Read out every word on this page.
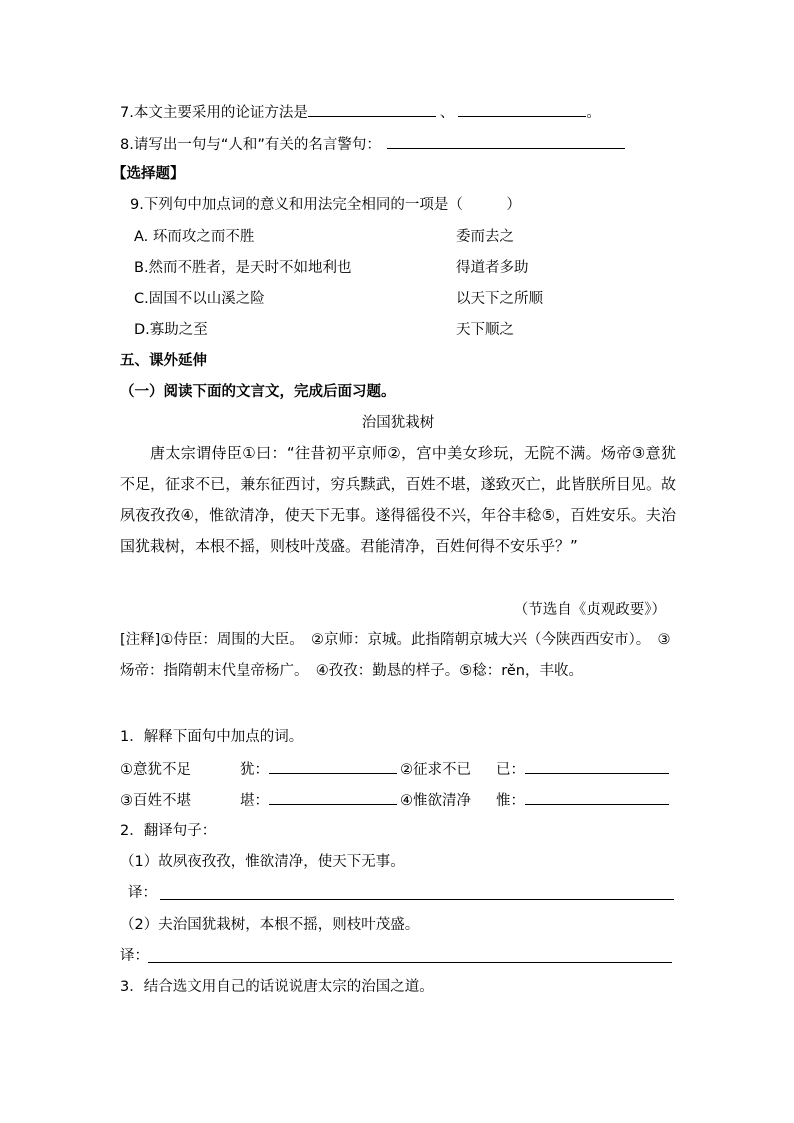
7.本文主要采用的论证方法是	、	。
8.请写出一句与“人和”有关的名言警句：
【选择题】
9.下列句中加点词的意义和用法完全相同的一项是（　　　）
A. 环而攻之而不胜	委而去之
B.然而不胜者，是天时不如地利也	得道者多助
C.固国不以山溪之险	以天下之所顺
D.寡助之至	天下顺之
五、课外延伸
（一）阅读下面的文言文，完成后面习题。
治国犹栽树
唐太宗谓侍臣①曰：“往昔初平京师②，宫中美女珍玩，无院不满。炀帝③意犹不足，征求不已，兼东征西讨，穷兵黩武，百姓不堪，遂致灭亡，此皆朕所目见。故夙夜孜孜④，惟欲清净，使天下无事。遂得徭役不兴，年谷丰稔⑤，百姓安乐。夫治国犹栽树，本根不摇，则枝叶茂盛。君能清净，百姓何得不安乐乎？”
（节选自《贞观政要》）
[注释]①侍臣：周围的大臣。　②京师：京城。此指隋朝京城大兴（今陕西西安市）。　③炀帝：指隋朝末代皇帝杨广。　④孜孜：勤恳的样子。⑤稔：rěn，丰收。
1．解释下面句中加点的词。
①意犹不足	犹：	②征求不已 已：
③百姓不堪	堪：	④惟欲清净 惟：
2．翻译句子：
（1）故夙夜孜孜，惟欲清净，使天下无事。
译：
（2）夫治国犹栽树，本根不摇，则枝叶茂盛。
译：
3．结合选文用自己的话说说唐太宗的治国之道。
